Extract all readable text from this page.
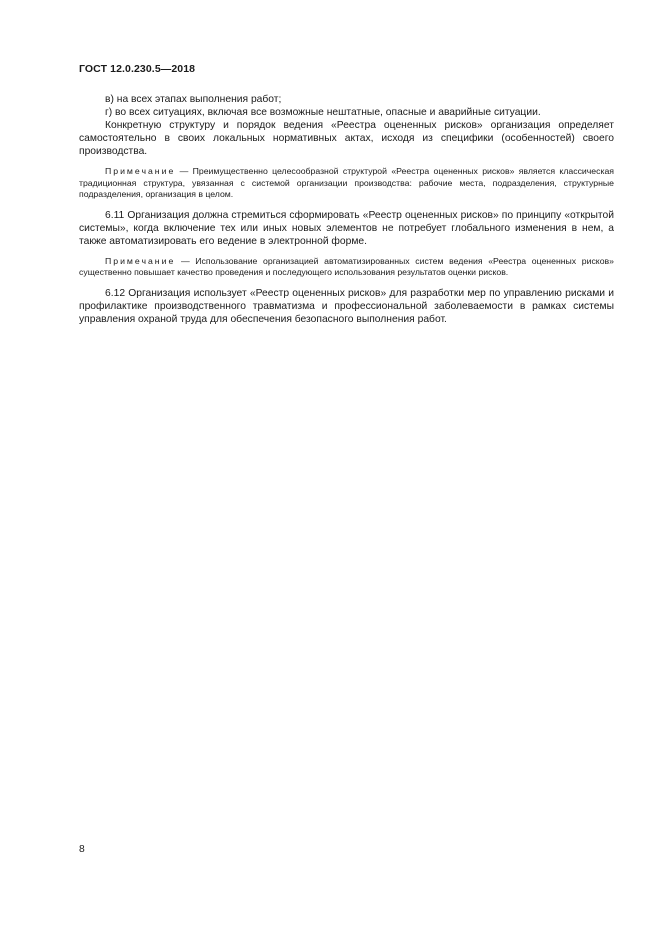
ГОСТ 12.0.230.5—2018

в) на всех этапах выполнения работ;

г) во всех ситуациях, включая все возможные нештатные, опасные и аварийные ситуации.

Конкретную структуру и порядок ведения «Реестра оцененных рисков» организация определяет самостоятельно в своих локальных нормативных актах, исходя из специфики (особенностей) своего производства.

Примечание — Преимущественно целесообразной структурой «Реестра оцененных рисков» является классическая традиционная структура, увязанная с системой организации производства: рабочие места, подразделения, структурные подразделения, организация в целом.

6.11 Организация должна стремиться сформировать «Реестр оцененных рисков» по принципу «открытой системы», когда включение тех или иных новых элементов не потребует глобального изменения в нем, а также автоматизировать его ведение в электронной форме.

Примечание — Использование организацией автоматизированных систем ведения «Реестра оцененных рисков» существенно повышает качество проведения и последующего использования результатов оценки рисков.

6.12 Организация использует «Реестр оцененных рисков» для разработки мер по управлению рисками и профилактике производственного травматизма и профессиональной заболеваемости в рамках системы управления охраной труда для обеспечения безопасного выполнения работ.

8
